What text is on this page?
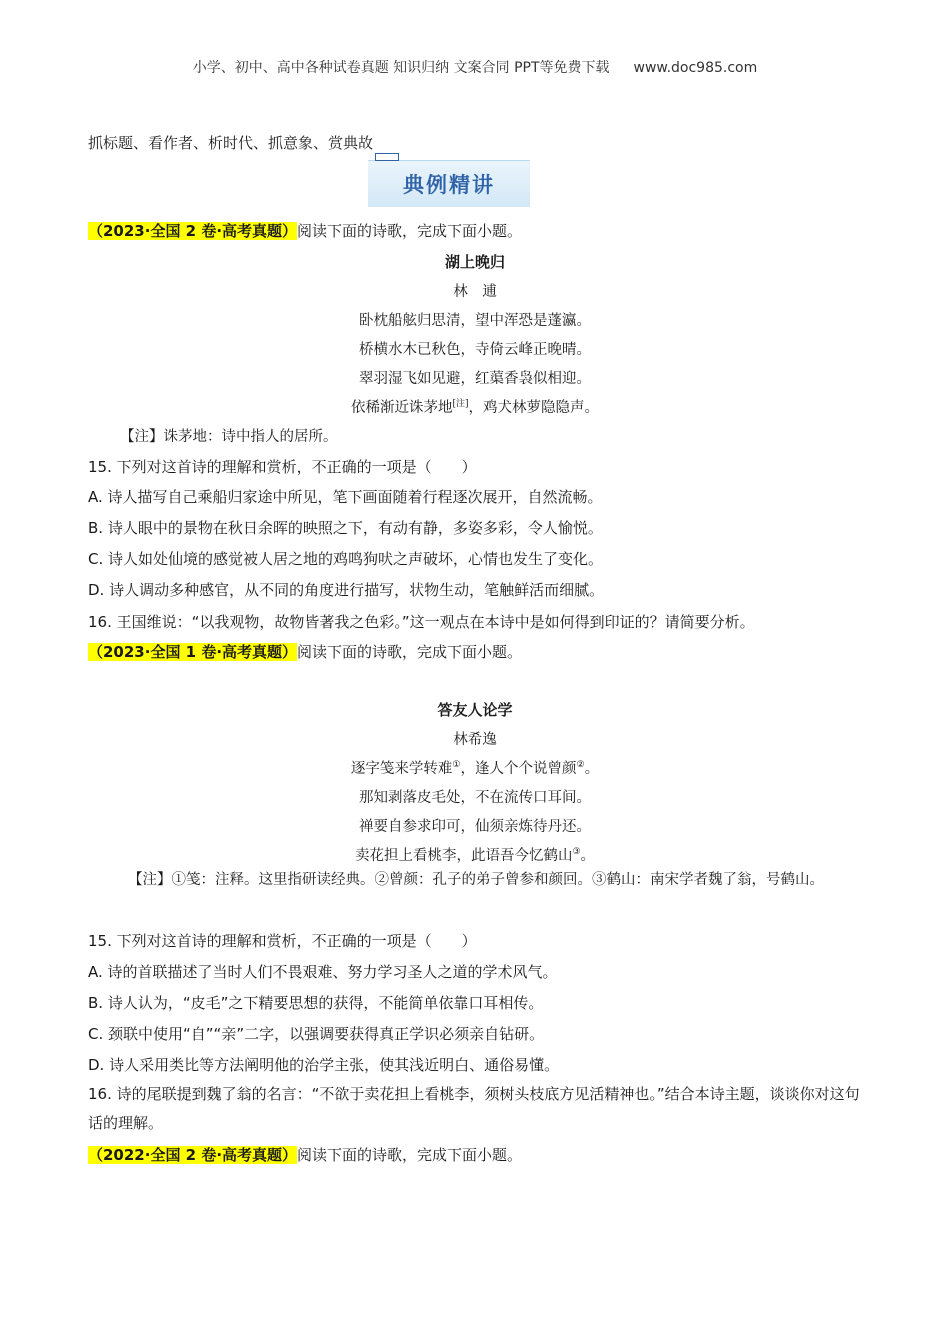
小学、初中、高中各种试卷真题 知识归纳 文案合同 PPT等免费下载 www.doc985.com
抓标题、看作者、析时代、抓意象、赏典故
典例精讲
（2023·全国 2 卷·高考真题）阅读下面的诗歌，完成下面小题。
湖上晚归
林　逋
卧枕船舷归思清，望中浑恐是蓬瀛。
桥横水木已秋色，寺倚云峰正晚晴。
翠羽湿飞如见避，红蕖香袅似相迎。
依稀渐近诛茅地[注]，鸡犬林萝隐隐声。
【注】诛茅地：诗中指人的居所。
15. 下列对这首诗的理解和赏析，不正确的一项是（　　）
A. 诗人描写自己乘船归家途中所见，笔下画面随着行程逐次展开，自然流畅。
B. 诗人眼中的景物在秋日余晖的映照之下，有动有静，多姿多彩，令人愉悦。
C. 诗人如处仙境的感觉被人居之地的鸡鸣狗吠之声破坏，心情也发生了变化。
D. 诗人调动多种感官，从不同的角度进行描写，状物生动，笔触鲜活而细腻。
16. 王国维说：“以我观物，故物皆著我之色彩。”这一观点在本诗中是如何得到印证的？请简要分析。
（2023·全国 1 卷·高考真题）阅读下面的诗歌，完成下面小题。
答友人论学
林希逸
逐字笺来学转难①，逢人个个说曾颜②。
那知剥落皮毛处，不在流传口耳间。
禅要自参求印可，仙须亲炼待丹还。
卖花担上看桃李，此语吾今忆鹤山③。
【注】①笺：注释。这里指研读经典。②曾颜：孔子的弟子曾参和颜回。③鹤山：南宋学者魏了翁，号鹤山。
15. 下列对这首诗的理解和赏析，不正确的一项是（　　）
A. 诗的首联描述了当时人们不畏艰难、努力学习圣人之道的学术风气。
B. 诗人认为，“皮毛”之下精要思想的获得，不能简单依靠口耳相传。
C. 颈联中使用“自”“亲”二字，以强调要获得真正学识必须亲自钻研。
D. 诗人采用类比等方法阐明他的治学主张，使其浅近明白、通俗易懂。
16. 诗的尾联提到魏了翁的名言：“不欲于卖花担上看桃李，须树头枝底方见活精神也。”结合本诗主题，谈谈你对这句话的理解。
（2022·全国 2 卷·高考真题）阅读下面的诗歌，完成下面小题。
